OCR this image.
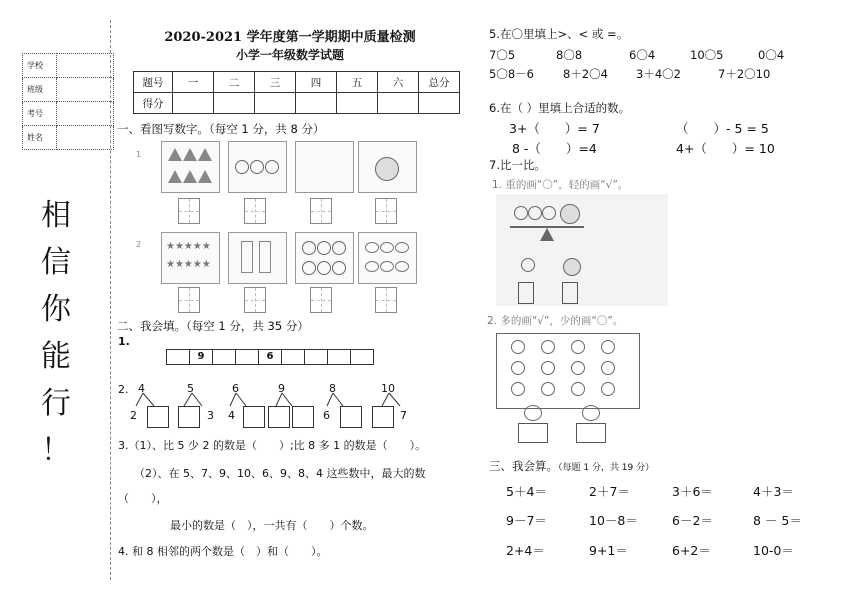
学校	
班级	
考号	
姓名	
相
信
你
能
行
！
2020-2021 学年度第一学期期中质量检测
小学一年级数学试题
题号	一	二	三	四	五	六	总分
得分							
一、看图写数字。（每空 1 分，共 8 分）
1
2 ★★★★★
★★★★★
二、我会填。（每空 1 分，共 35 分）
1.
9	6
2. 4
2
5
3
6
4
9	8
6
10
7
3.（1）、比 5 少 2 的数是（　　）;比 8 多 1 的数是（　　）。
（2）、在 5、7、9、10、6、9、8、4 这些数中，最大的数
（　　），
最小的数是（　），一共有（　　）个数。
4. 和 8 相邻的两个数是（　）和（　　）。
5.在〇里填上>、< 或 =。
7〇5	8〇8	6〇4	10〇5	0〇4
5〇8－6	8＋2〇4 3＋4〇2	7＋2〇10
6.在（ ）里填上合适的数。
3+（　　）= 7	（　　）- 5 = 5
8 -（　　）=4	4+（　　）= 10
7.比一比。
1. 重的画“〇”，轻的画“√”。
2. 多的画“√”，少的画“〇”。
三、我会算。（每题 1 分，共 19 分）
5＋4＝	2＋7＝	3＋6＝	4＋3＝
9－7＝	10－8＝	6－2＝	8 － 5＝
2+4＝	9+1＝	6+2＝	10-0＝
